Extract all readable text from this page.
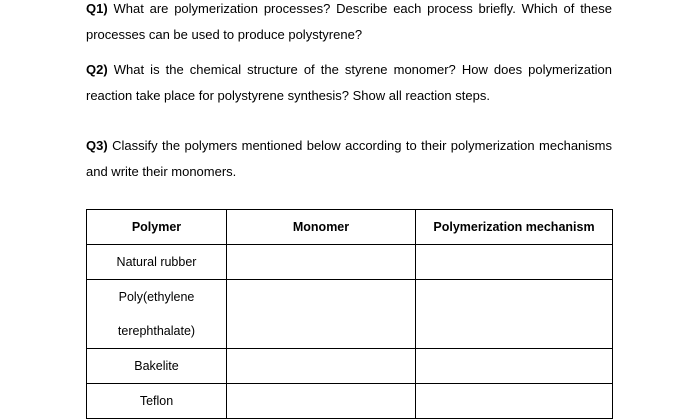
Q1) What are polymerization processes? Describe each process briefly. Which of these processes can be used to produce polystyrene?
Q2) What is the chemical structure of the styrene monomer? How does polymerization reaction take place for polystyrene synthesis? Show all reaction steps.
Q3) Classify the polymers mentioned below according to their polymerization mechanisms and write their monomers.
Polymer	Monomer	Polymerization mechanism
Natural rubber		
Poly(ethylene terephthalate)		
Bakelite		
Teflon		
